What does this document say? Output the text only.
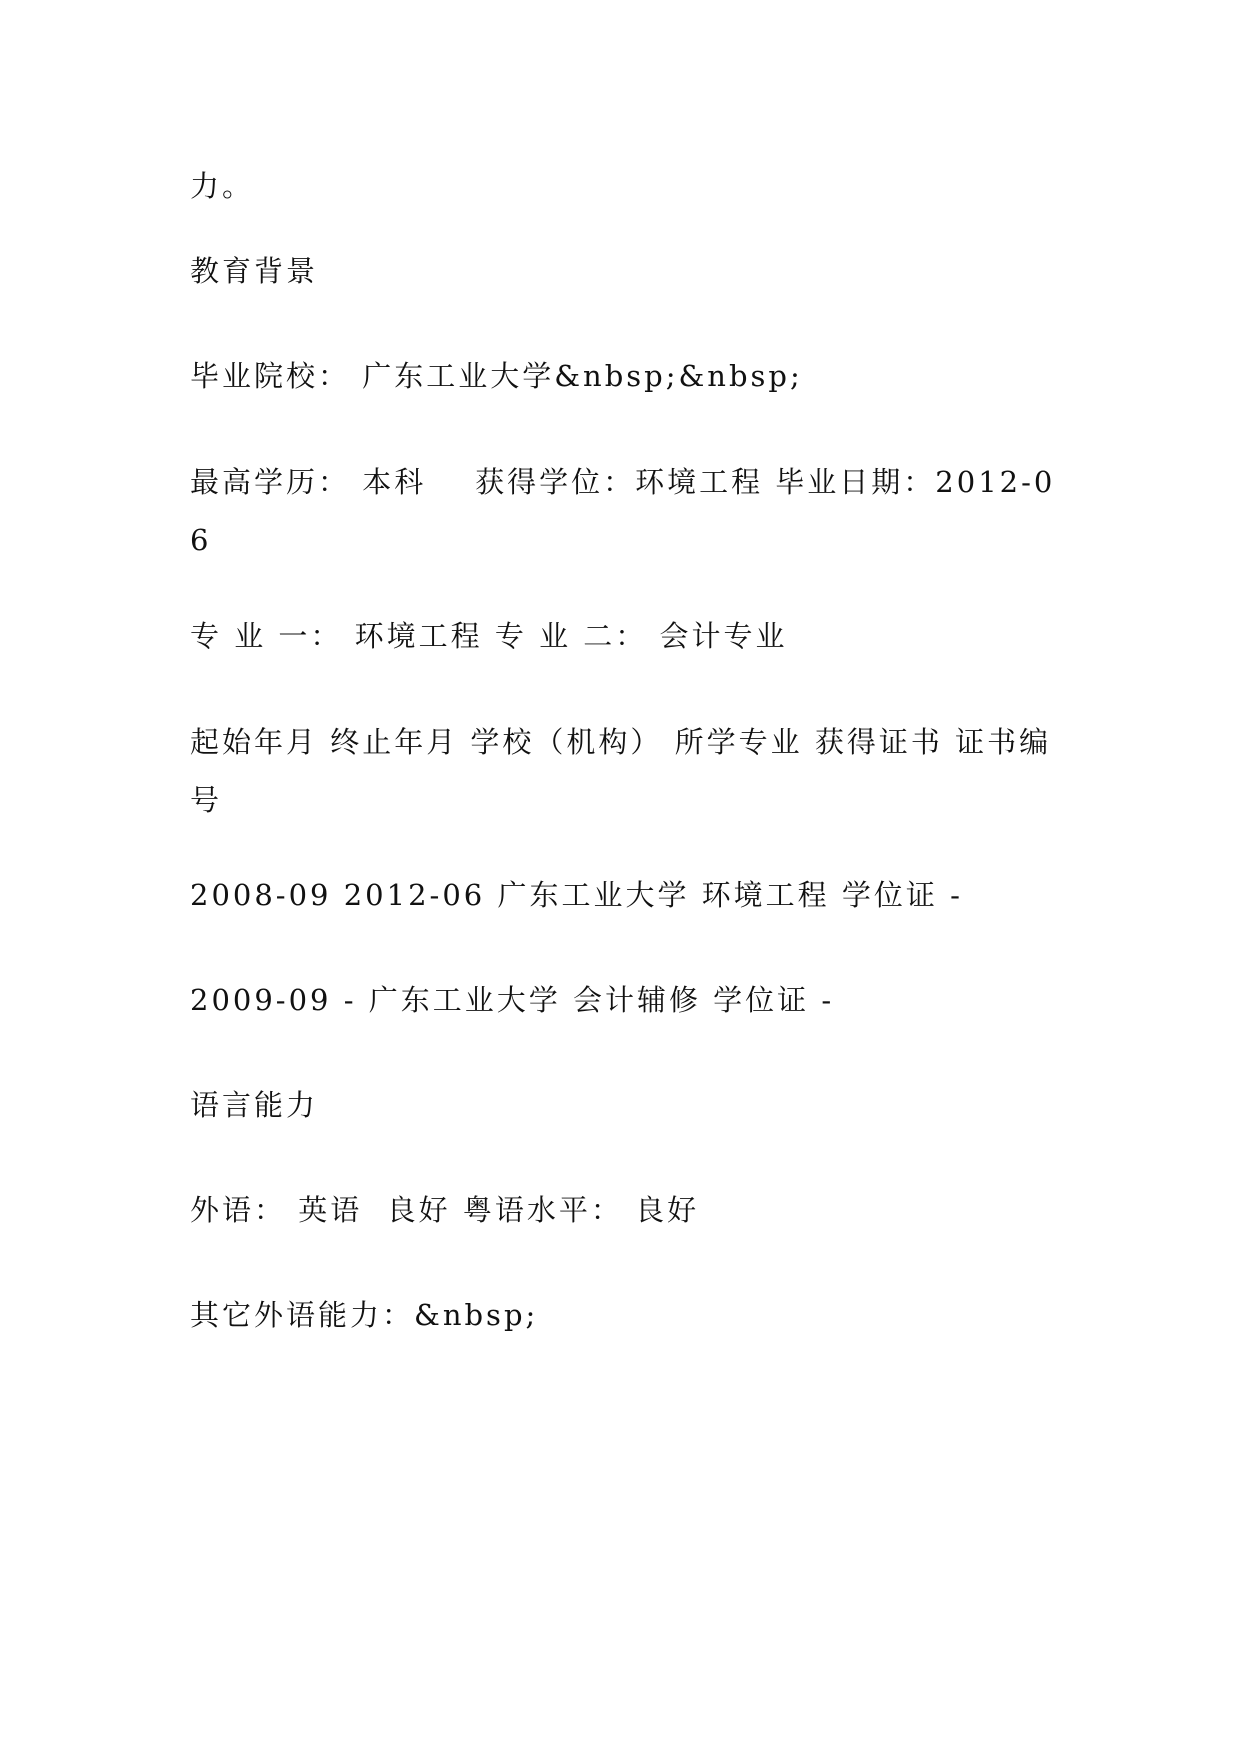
力。
教育背景
毕业院校： 广东工业大学&nbsp;&nbsp;
最高学历： 本科    获得学位：环境工程 毕业日期：2012-06
专 业 一： 环境工程 专 业 二： 会计专业
起始年月 终止年月 学校（机构） 所学专业 获得证书 证书编号
2008-09 2012-06 广东工业大学 环境工程 学位证 -
2009-09 - 广东工业大学 会计辅修 学位证 -
语言能力
外语： 英语  良好 粤语水平： 良好
其它外语能力：&nbsp;
